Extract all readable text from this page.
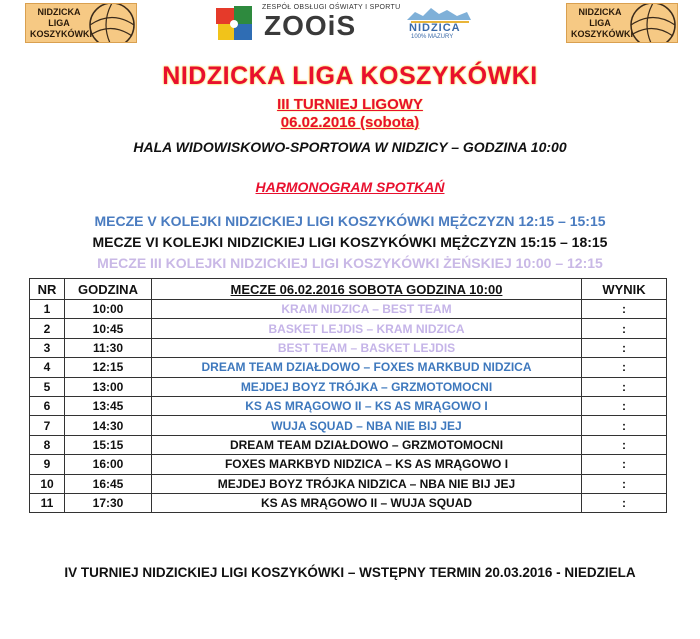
NIDZICKA
LIGA
KOSZYKÓWKI
ZESPÓŁ OBSŁUGI OŚWIATY I SPORTU
ZOOiS	NIDZICA
100% MAZURY
NIDZICKA
LIGA
KOSZYKÓWKI
NIDZICKA LIGA KOSZYKÓWKI
III TURNIEJ LIGOWY
06.02.2016 (sobota)
HALA WIDOWISKOWO-SPORTOWA W NIDZICY – GODZINA 10:00
HARMONOGRAM SPOTKAŃ
MECZE V KOLEJKI NIDZICKIEJ LIGI KOSZYKÓWKI MĘŻCZYZN 12:15 – 15:15
MECZE VI KOLEJKI NIDZICKIEJ LIGI KOSZYKÓWKI MĘŻCZYZN 15:15 – 18:15
MECZE III KOLEJKI NIDZICKIEJ LIGI KOSZYKÓWKI ŻEŃSKIEJ 10:00 – 12:15
NR	GODZINA	MECZE 06.02.2016 SOBOTA GODZINA 10:00	WYNIK
1	10:00	KRAM NIDZICA – BEST TEAM	:
2	10:45	BASKET LEJDIS – KRAM NIDZICA	:
3	11:30	BEST TEAM – BASKET LEJDIS	:
4	12:15	DREAM TEAM DZIAŁDOWO – FOXES MARKBUD NIDZICA	:
5	13:00	MEJDEJ BOYZ TRÓJKA – GRZMOTOMOCNI	:
6	13:45	KS AS MRĄGOWO II – KS AS MRĄGOWO I	:
7	14:30	WUJA SQUAD – NBA NIE BIJ JEJ	:
8	15:15	DREAM TEAM DZIAŁDOWO – GRZMOTOMOCNI	:
9	16:00	FOXES MARKBYD NIDZICA – KS AS MRĄGOWO I	:
10	16:45	MEJDEJ BOYZ TRÓJKA NIDZICA – NBA NIE BIJ JEJ	:
11	17:30	KS AS MRĄGOWO II – WUJA SQUAD	:
IV TURNIEJ NIDZICKIEJ LIGI KOSZYKÓWKI – WSTĘPNY TERMIN 20.03.2016 - NIEDZIELA
